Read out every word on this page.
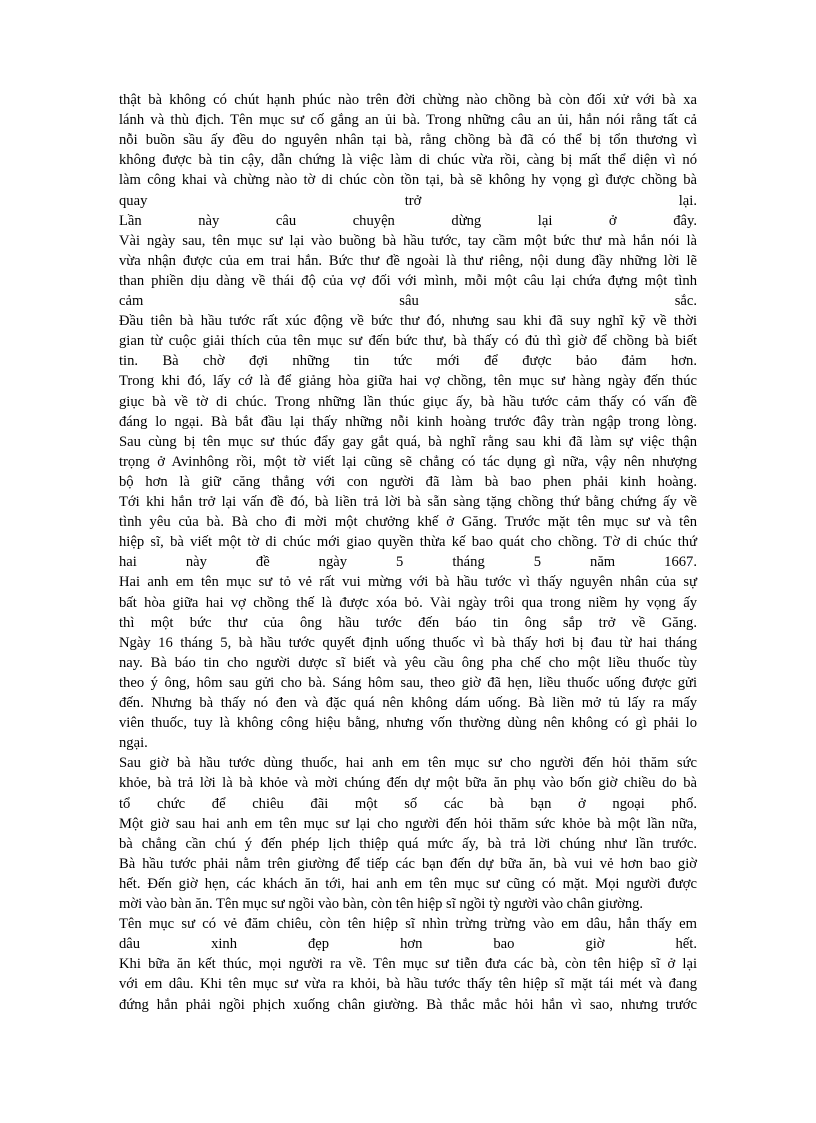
thật bà không có chút hạnh phúc nào trên đời chừng nào chồng bà còn đối xử với bà xa
lánh và thù địch. Tên mục sư cố gắng an ủi bà. Trong những câu an ủi, hắn nói rằng tất cả
nỗi buồn sầu ấy đều do nguyên nhân tại bà, rằng chồng bà đã có thể bị tổn thương vì
không được bà tin cậy, dẫn chứng là việc làm di chúc vừa rồi, càng bị mất thể diện vì nó
làm công khai và chừng nào tờ di chúc còn tồn tại, bà sẽ không hy vọng gì được chồng bà
quay trở lại.
Lần này câu chuyện dừng lại ở đây.
Vài ngày sau, tên mục sư lại vào buồng bà hầu tước, tay cầm một bức thư mà hắn nói là
vừa nhận được của em trai hắn. Bức thư đề ngoài là thư riêng, nội dung đầy những lời lẽ
than phiền dịu dàng về thái độ của vợ đối với mình, mỗi một câu lại chứa đựng một tình
cảm sâu sắc.
Đầu tiên bà hầu tước rất xúc động về bức thư đó, nhưng sau khi đã suy nghĩ kỹ về thời
gian từ cuộc giải thích của tên mục sư đến bức thư, bà thấy có đủ thì giờ để chồng bà biết
tin. Bà chờ đợi những tin tức mới để được bảo đảm hơn.
Trong khi đó, lấy cớ là để giảng hòa giữa hai vợ chồng, tên mục sư hàng ngày đến thúc
giục bà về tờ di chúc. Trong những lần thúc giục ấy, bà hầu tước cảm thấy có vấn đề
đáng lo ngại. Bà bắt đầu lại thấy những nỗi kinh hoàng trước đây tràn ngập trong lòng.
Sau cùng bị tên mục sư thúc đẩy gay gắt quá, bà nghĩ rằng sau khi đã làm sự việc thận
trọng ở Avinhông rồi, một tờ viết lại cũng sẽ chẳng có tác dụng gì nữa, vậy nên nhượng
bộ hơn là giữ căng thẳng với con người đã làm bà bao phen phải kinh hoàng.
Tới khi hắn trở lại vấn đề đó, bà liền trả lời bà sẵn sàng tặng chồng thứ bằng chứng ấy về
tình yêu của bà. Bà cho đi mời một chưởng khế ở Găng. Trước mặt tên mục sư và tên
hiệp sĩ, bà viết một tờ di chúc mới giao quyền thừa kế bao quát cho chồng. Tờ di chúc thứ
hai này đề ngày 5 tháng 5 năm 1667.
Hai anh em tên mục sư tỏ vẻ rất vui mừng với bà hầu tước vì thấy nguyên nhân của sự
bất hòa giữa hai vợ chồng thế là được xóa bỏ. Vài ngày trôi qua trong niềm hy vọng ấy
thì một bức thư của ông hầu tước đến báo tin ông sắp trở về Găng.
Ngày 16 tháng 5, bà hầu tước quyết định uống thuốc vì bà thấy hơi bị đau từ hai tháng
nay. Bà báo tin cho người dược sĩ biết và yêu cầu ông pha chế cho một liều thuốc tùy
theo ý ông, hôm sau gửi cho bà. Sáng hôm sau, theo giờ đã hẹn, liều thuốc uống được gửi
đến. Nhưng bà thấy nó đen và đặc quá nên không dám uống. Bà liền mở tủ lấy ra mấy
viên thuốc, tuy là không công hiệu bằng, nhưng vốn thường dùng nên không có gì phải lo
ngại.
Sau giờ bà hầu tước dùng thuốc, hai anh em tên mục sư cho người đến hỏi thăm sức
khỏe, bà trả lời là bà khỏe và mời chúng đến dự một bữa ăn phụ vào bốn giờ chiều do bà
tổ chức để chiêu đãi một số các bà bạn ở ngoại phố.
Một giờ sau hai anh em tên mục sư lại cho người đến hỏi thăm sức khỏe bà một lần nữa,
bà chẳng cần chú ý đến phép lịch thiệp quá mức ấy, bà trả lời chúng như lần trước.
Bà hầu tước phải nằm trên giường để tiếp các bạn đến dự bữa ăn, bà vui vẻ hơn bao giờ
hết. Đến giờ hẹn, các khách ăn tới, hai anh em tên mục sư cũng có mặt. Mọi người được
mời vào bàn ăn. Tên mục sư ngồi vào bàn, còn tên hiệp sĩ ngồi tỳ người vào chân giường.
Tên mục sư có vẻ đăm chiêu, còn tên hiệp sĩ nhìn trừng trừng vào em dâu, hắn thấy em
dâu xinh đẹp hơn bao giờ hết.
Khi bữa ăn kết thúc, mọi người ra về. Tên mục sư tiễn đưa các bà, còn tên hiệp sĩ ở lại
với em dâu. Khi tên mục sư vừa ra khỏi, bà hầu tước thấy tên hiệp sĩ mặt tái mét và đang
đứng hắn phải ngồi phịch xuống chân giường. Bà thắc mắc hỏi hắn vì sao, nhưng trước
